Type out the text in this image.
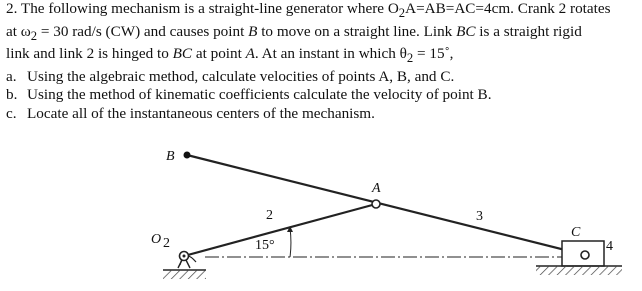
2. The following mechanism is a straight-line generator where $O_2A=AB=AC=4cm$. Crank 2 rotates
at $\omega_2 = 30$ rad/s (CW) and causes point B to move on a straight line. Link BC is a straight rigid
link and link 2 is hinged to BC at point A. At an instant in which $\theta_2$ = 15˚,

a. Using the algebraic method, calculate velocities of points A, B, and C.

b. Using the method of kinematic coefficients calculate the velocity of point B.

c. Locate all of the instantaneous centers of the mechanism.

B
A
C
O 2
2	3
4
15°
